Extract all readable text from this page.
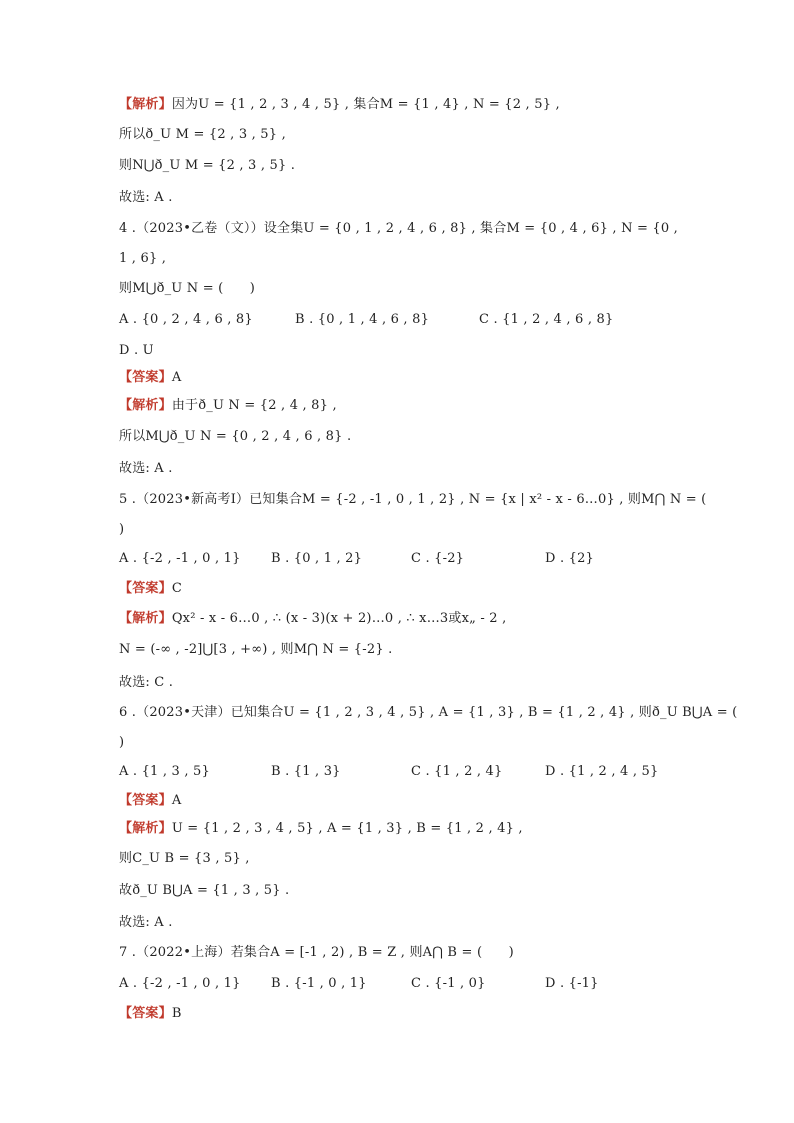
【解析】因为U = {1 , 2 , 3 , 4 , 5} , 集合M = {1 , 4} , N = {2 , 5} ,
所以ð_U M = {2 , 3 , 5} ,
则N⋃ð_U M = {2 , 3 , 5} .
故选: A .
4 .（2023•乙卷（文））设全集U = {0 , 1 , 2 , 4 , 6 , 8} , 集合M = {0 , 4 , 6} , N = {0 ,
1 , 6} ,
则M⋃ð_U N = (　　)
A . {0 , 2 , 4 , 6 , 8}	B . {0 , 1 , 4 , 6 , 8}	C . {1 , 2 , 4 , 6 , 8}
D . U
【答案】A
【解析】由于ð_U N = {2 , 4 , 8} ,
所以M⋃ð_U N = {0 , 2 , 4 , 6 , 8} .
故选: A .
5 .（2023•新高考Ⅰ）已知集合M = {-2 , -1 , 0 , 1 , 2} , N = {x | x² - x - 6…0} , 则M⋂ N = (
)
A . {-2 , -1 , 0 , 1} B . {0 , 1 , 2}	C . {-2}	D . {2}
【答案】C
【解析】Qx² - x - 6…0 , ∴ (x - 3)(x + 2)…0 , ∴ x…3或x„ - 2 ,
N = (-∞ , -2]⋃[3 , +∞) , 则M⋂ N = {-2} .
故选: C .
6 .（2023•天津）已知集合U = {1 , 2 , 3 , 4 , 5} , A = {1 , 3} , B = {1 , 2 , 4} , 则ð_U B⋃A = (
)
A . {1 , 3 , 5}	B . {1 , 3}	C . {1 , 2 , 4}	D . {1 , 2 , 4 , 5}
【答案】A
【解析】U = {1 , 2 , 3 , 4 , 5} , A = {1 , 3} , B = {1 , 2 , 4} ,
则C_U B = {3 , 5} ,
故ð_U B⋃A = {1 , 3 , 5} .
故选: A .
7 .（2022•上海）若集合A = [-1 , 2) , B = Z , 则A⋂ B = (　　)
A . {-2 , -1 , 0 , 1} B . {-1 , 0 , 1}	C . {-1 , 0}	D . {-1}
【答案】B
